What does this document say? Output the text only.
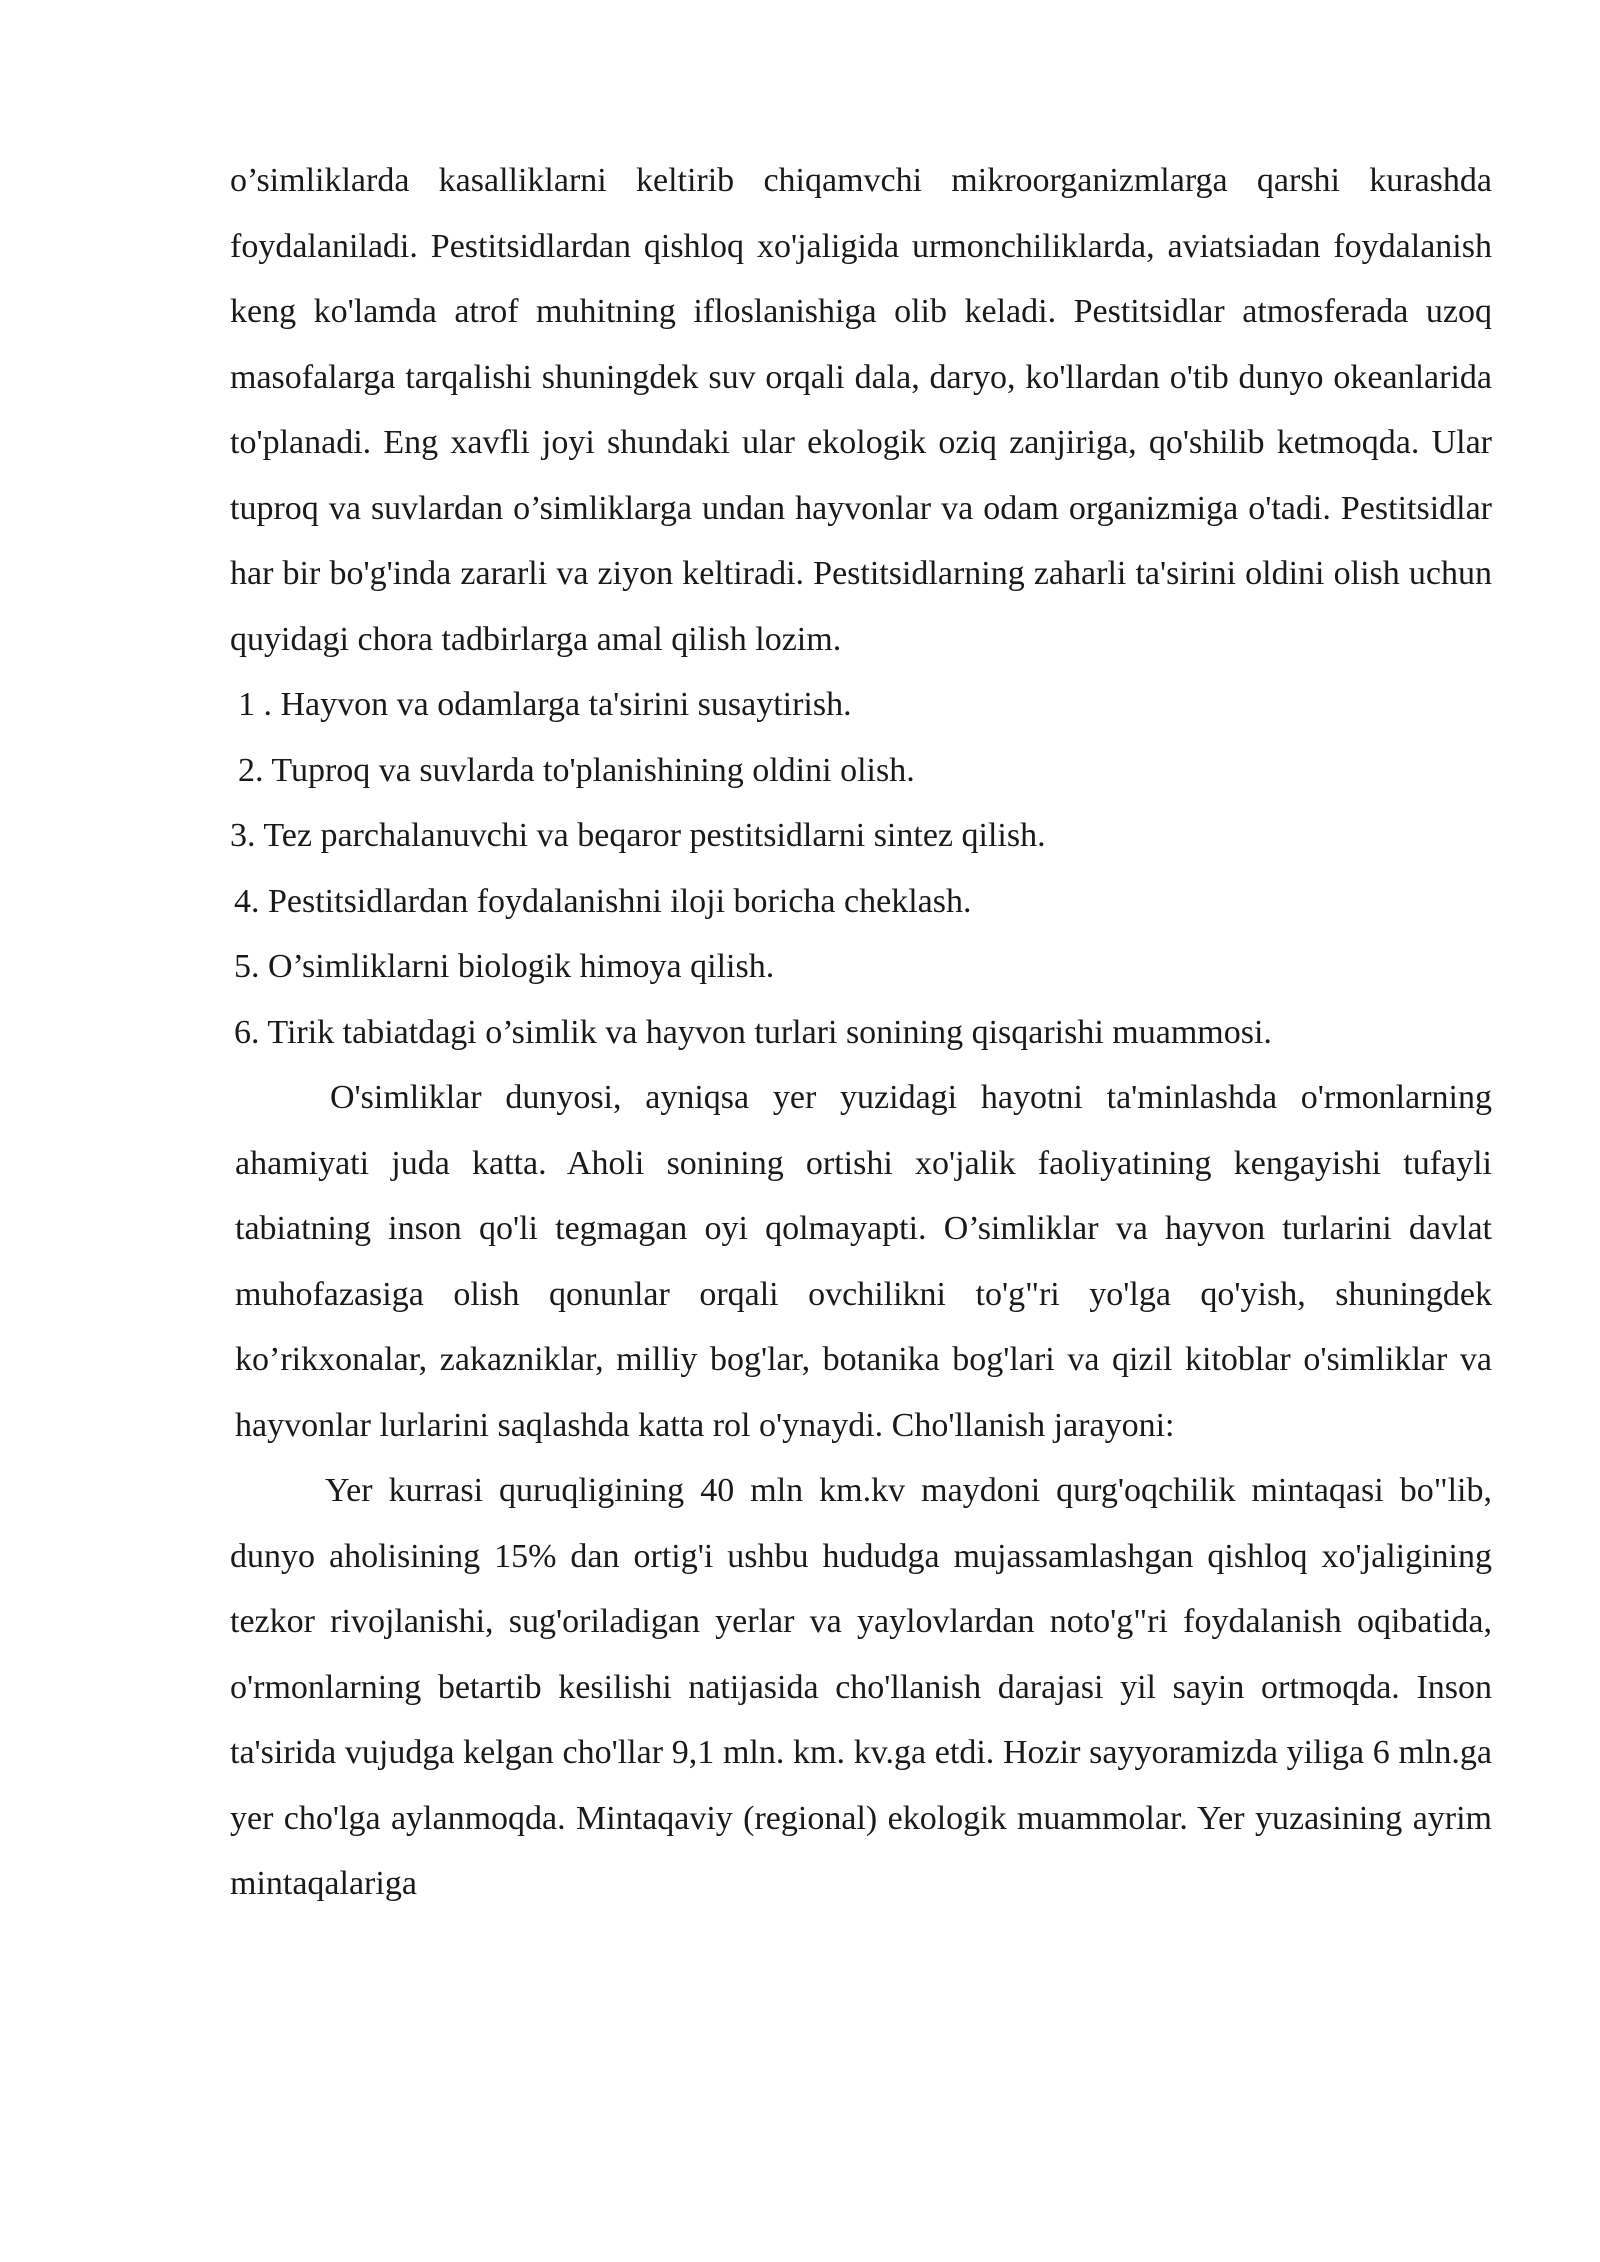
o’simliklarda kasalliklarni keltirib chiqamvchi mikroorganizmlarga qarshi kurashda foydalaniladi. Pestitsidlardan qishloq xo'jaligida urmonchiliklarda, aviatsiadan foydalanish keng ko'lamda atrof muhitning ifloslanishiga olib keladi. Pestitsidlar atmosferada uzoq masofalarga tarqalishi shuningdek suv orqali dala, daryo, ko'llardan o'tib dunyo okeanlarida to'planadi. Eng xavfli joyi shundaki ular ekologik oziq zanjiriga, qo'shilib ketmoqda. Ular tuproq va suvlardan o’simliklarga undan hayvonlar va odam organizmiga o'tadi. Pestitsidlar har bir bo'g'inda zararli va ziyon keltiradi. Pestitsidlarning zaharli ta'sirini oldini olish uchun quyidagi chora tadbirlarga amal qilish lozim.

1 . Hayvon va odamlarga ta'sirini susaytirish.
2. Tuproq va suvlarda to'planishining oldini olish.
3. Tez parchalanuvchi va beqaror pestitsidlarni sintez qilish.
4. Pestitsidlardan foydalanishni iloji boricha cheklash.
5. O’simliklarni biologik himoya qilish.
6. Tirik tabiatdagi o’simlik va hayvon turlari sonining qisqarishi muammosi.

O'simliklar dunyosi, ayniqsa yer yuzidagi hayotni ta'minlashda o'rmonlarning ahamiyati juda katta. Aholi sonining ortishi xo'jalik faoliyatining kengayishi tufayli tabiatning inson qo'li tegmagan oyi qolmayapti. O’simliklar va hayvon turlarini davlat muhofazasiga olish qonunlar orqali ovchilikni to'g"ri yo'lga qo'yish, shuningdek ko’rikxonalar, zakazniklar, milliy bog'lar, botanika bog'lari va qizil kitoblar o'simliklar va hayvonlar lurlarini saqlashda katta rol o'ynaydi. Cho'llanish jarayoni:

Yer kurrasi quruqligining 40 mln km.kv maydoni qurg'oqchilik mintaqasi bo"lib, dunyo aholisining 15% dan ortig'i ushbu hududga mujassamlashgan qishloq xo'jaligining tezkor rivojlanishi, sug'oriladigan yerlar va yaylovlardan noto'g"ri foydalanish oqibatida, o'rmonlarning betartib kesilishi natijasida cho'llanish darajasi yil sayin ortmoqda. Inson ta'sirida vujudga kelgan cho'llar 9,1 mln. km. kv.ga etdi. Hozir sayyoramizda yiliga 6 mln.ga yer cho'lga aylanmoqda. Mintaqaviy (regional) ekologik muammolar. Yer yuzasining ayrim mintaqalariga
